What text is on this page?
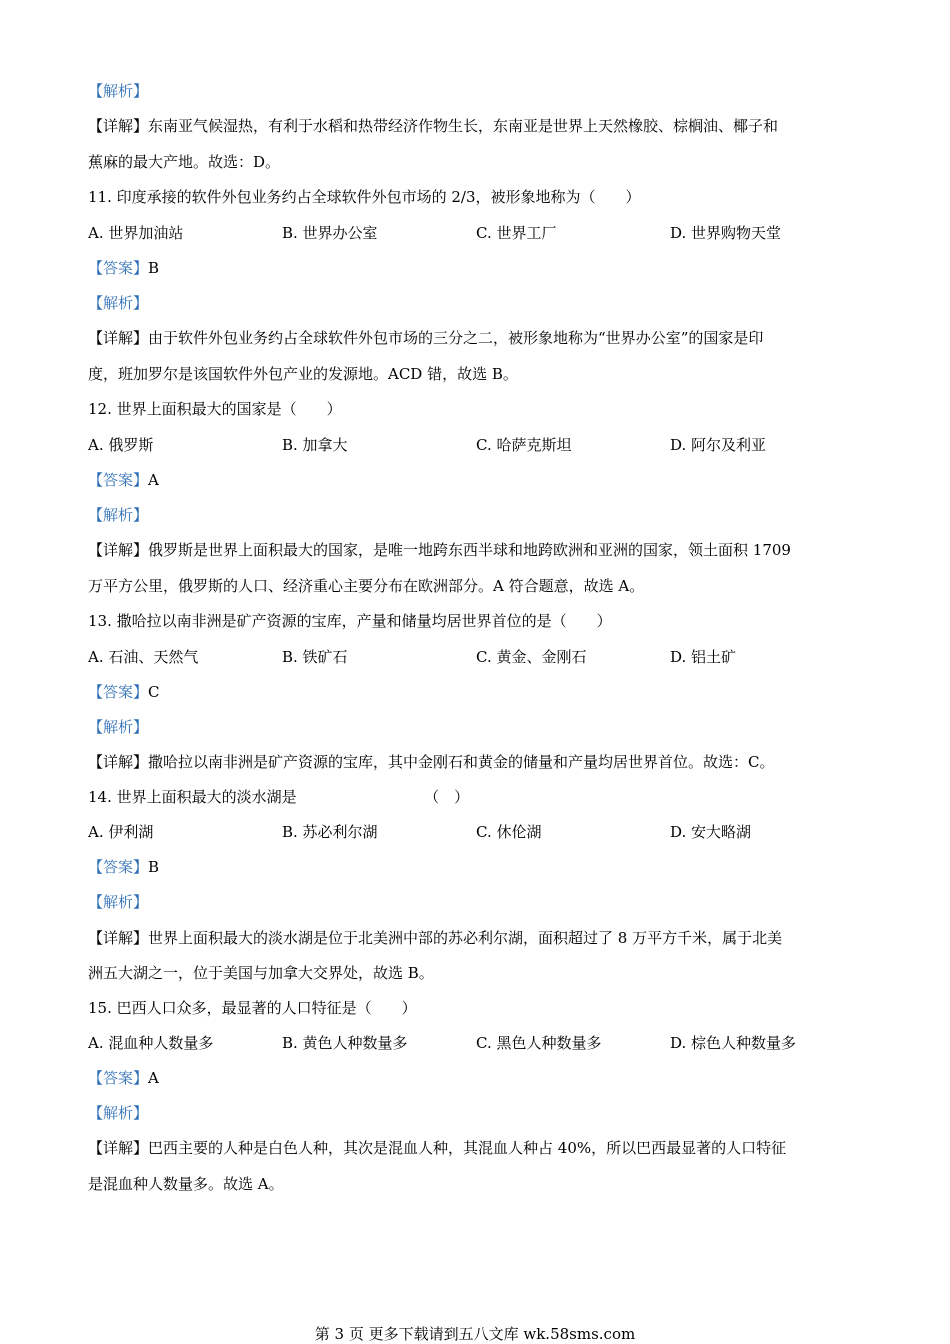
【解析】
【详解】东南亚气候湿热，有利于水稻和热带经济作物生长，东南亚是世界上天然橡胶、棕榈油、椰子和
蕉麻的最大产地。故选：D。
11. 印度承接的软件外包业务约占全球软件外包市场的 2/3，被形象地称为（　　）
A. 世界加油站	B. 世界办公室	C. 世界工厂	D. 世界购物天堂
【答案】B
【解析】
【详解】由于软件外包业务约占全球软件外包市场的三分之二，被形象地称为“世界办公室”的国家是印
度，班加罗尔是该国软件外包产业的发源地。ACD 错，故选 B。
12. 世界上面积最大的国家是（　　）
A. 俄罗斯	B. 加拿大	C. 哈萨克斯坦	D. 阿尔及利亚
【答案】A
【解析】
【详解】俄罗斯是世界上面积最大的国家，是唯一地跨东西半球和地跨欧洲和亚洲的国家，领土面积 1709
万平方公里，俄罗斯的人口、经济重心主要分布在欧洲部分。A 符合题意，故选 A。
13. 撒哈拉以南非洲是矿产资源的宝库，产量和储量均居世界首位的是（　　）
A. 石油、天然气	B. 铁矿石	C. 黄金、金刚石	D. 铝土矿
【答案】C
【解析】
【详解】撒哈拉以南非洲是矿产资源的宝库，其中金刚石和黄金的储量和产量均居世界首位。故选：C。
14. 世界上面积最大的淡水湖是　　　　　　　　　（　）
A. 伊利湖	B. 苏必利尔湖	C. 休伦湖	D. 安大略湖
【答案】B
【解析】
【详解】世界上面积最大的淡水湖是位于北美洲中部的苏必利尔湖，面积超过了 8 万平方千米，属于北美
洲五大湖之一，位于美国与加拿大交界处，故选 B。
15. 巴西人口众多，最显著的人口特征是（　　）
A. 混血种人数量多	B. 黄色人种数量多	C. 黑色人种数量多	D. 棕色人种数量多
【答案】A
【解析】
【详解】巴西主要的人种是白色人种，其次是混血人种，其混血人种占 40%，所以巴西最显著的人口特征
是混血种人数量多。故选 A。
第 3 页 更多下载请到五八文库 wk.58sms.com
